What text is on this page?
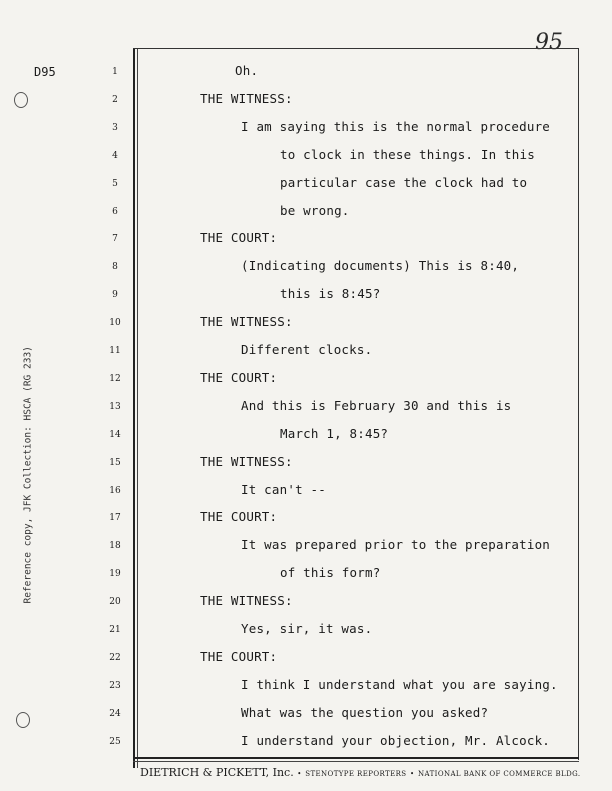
D95
95
Reference copy, JFK Collection: HSCA (RG 233)
1	Oh.
2	THE WITNESS:
3	I am saying this is the normal procedure
4	to clock in these things. In this
5	particular case the clock had to
6	be wrong.
7	THE COURT:
8	(Indicating documents) This is 8:40,
9	this is 8:45?
10	THE WITNESS:
11	Different clocks.
12	THE COURT:
13	And this is February 30 and this is
14	March 1, 8:45?
15	THE WITNESS:
16	It can't --
17	THE COURT:
18	It was prepared prior to the preparation
19	of this form?
20	THE WITNESS:
21	Yes, sir, it was.
22	THE COURT:
23	I think I understand what you are saying.
24	What was the question you asked?
25	I understand your objection, Mr. Alcock.
DIETRICH & PICKETT, Inc. • STENOTYPE REPORTERS • NATIONAL BANK OF COMMERCE BLDG.
